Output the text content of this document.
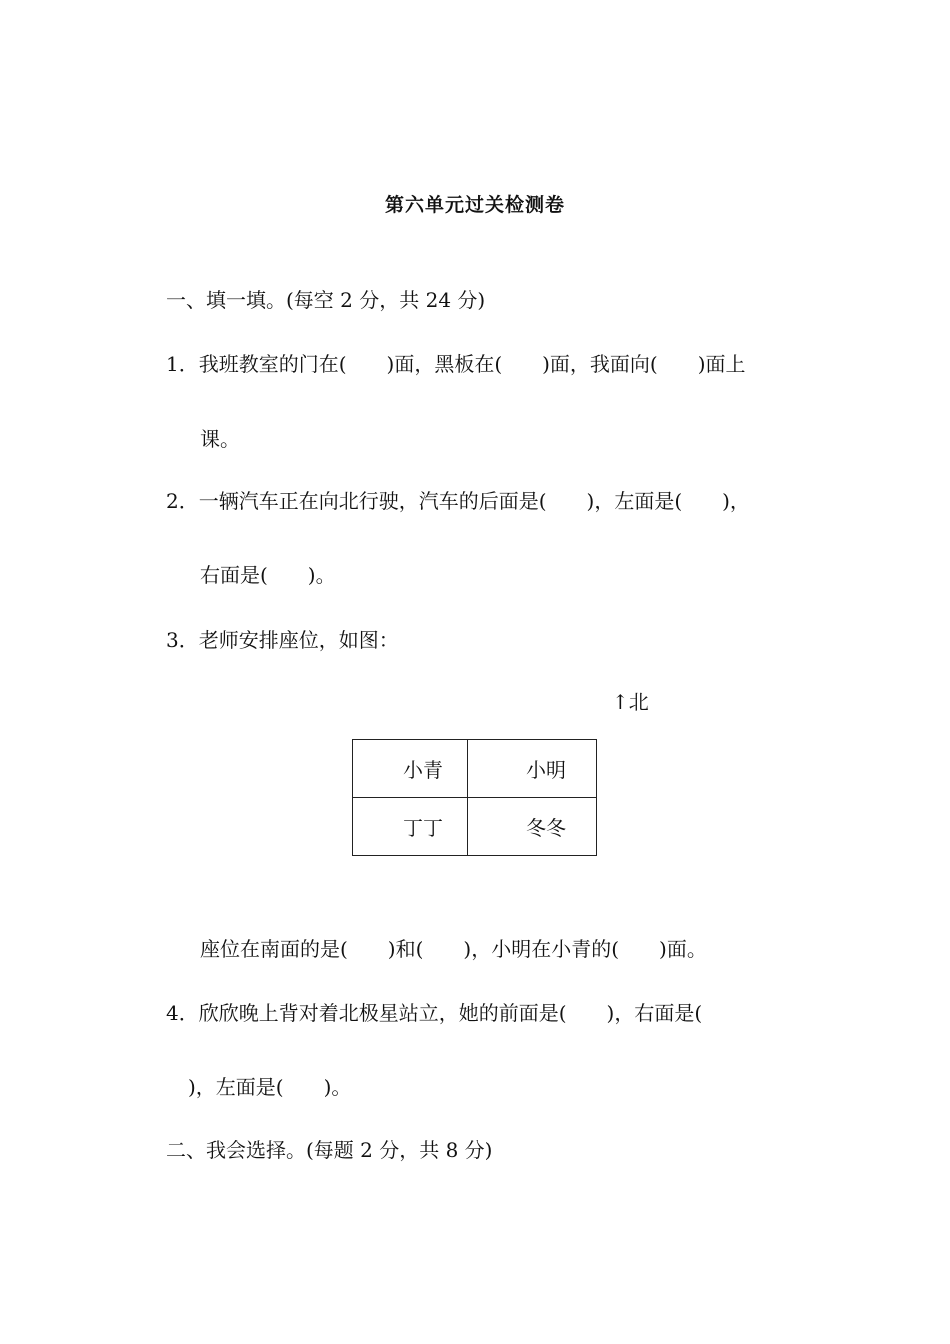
第六单元过关检测卷
一、填一填。(每空 2 分，共 24 分)
1．我班教室的门在(　　)面，黑板在(　　)面，我面向(　　)面上
课。
2．一辆汽车正在向北行驶，汽车的后面是(　　)，左面是(　　)，
右面是(　　)。
3．老师安排座位，如图：
↑北
小青	小明
丁丁	冬冬
座位在南面的是(　　)和(　　)，小明在小青的(　　)面。
4．欣欣晚上背对着北极星站立，她的前面是(　　)，右面是(
)，左面是(　　)。
二、我会选择。(每题 2 分，共 8 分)
